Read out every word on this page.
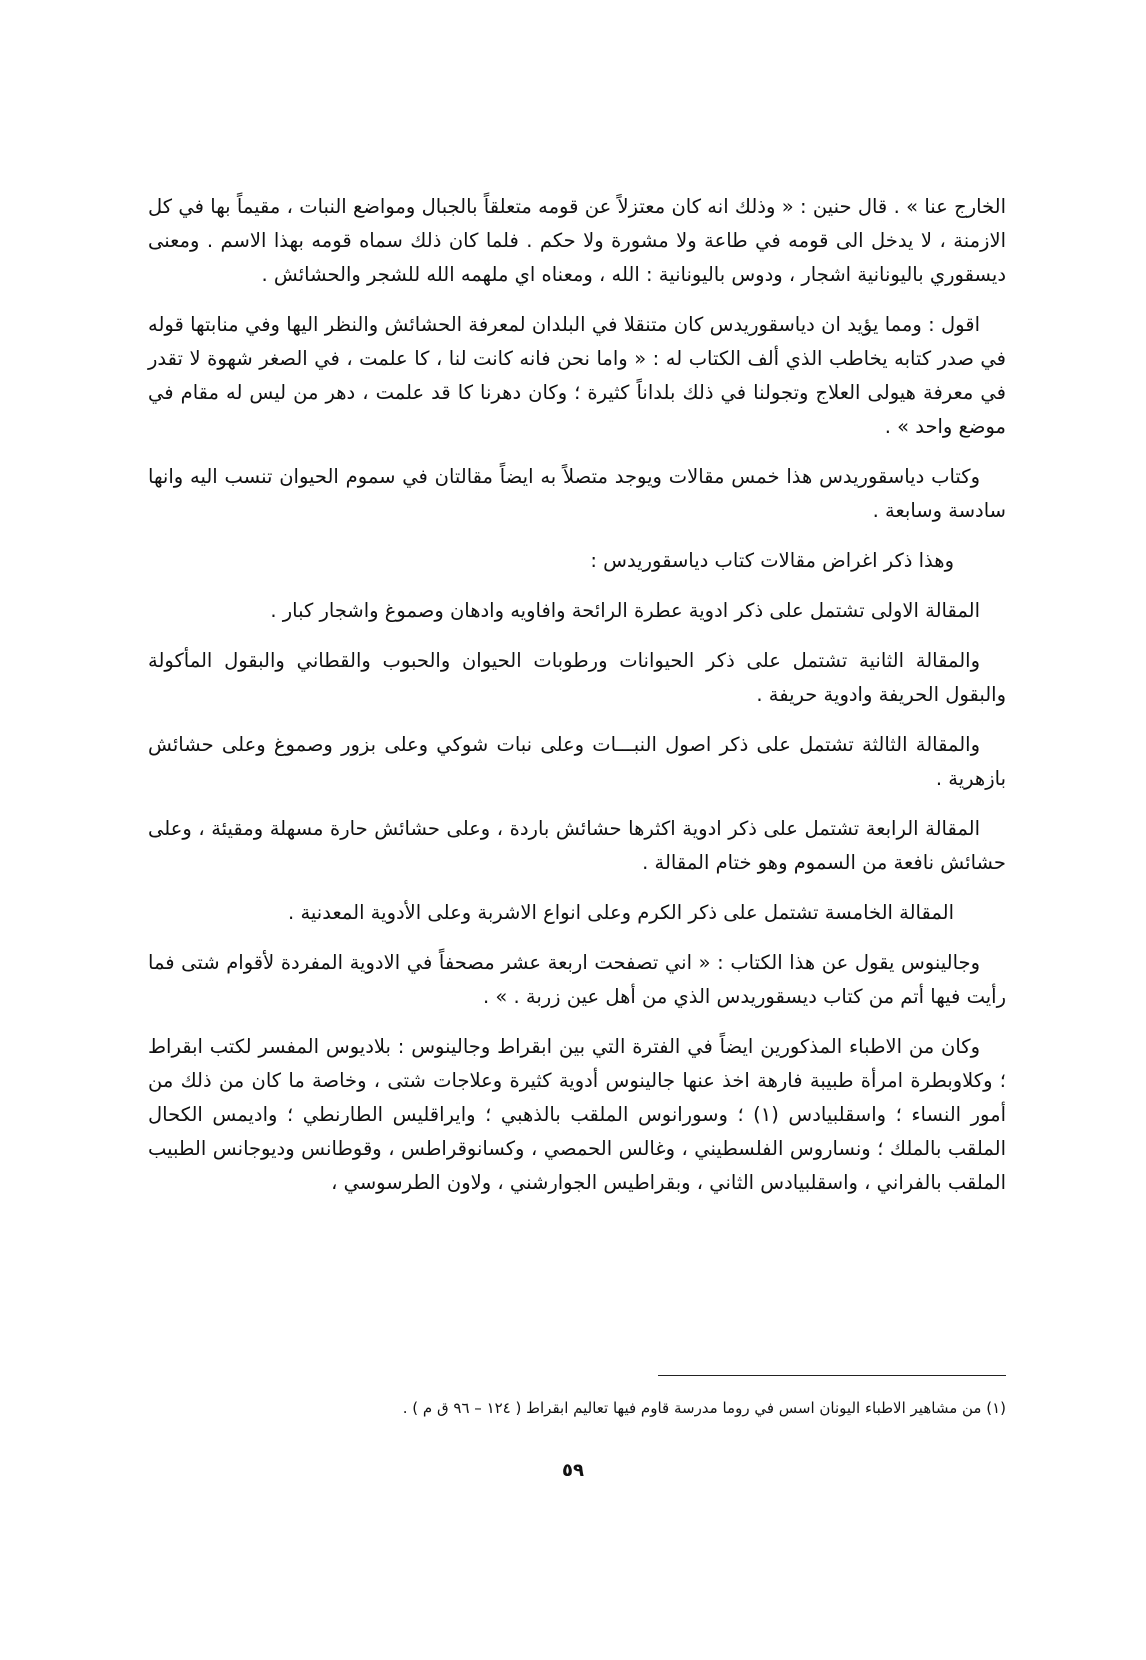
الخارج عنا » . قال حنين : « وذلك انه كان معتزلاً عن قومه متعلقاً بالجبال ومواضع النبات ، مقيماً بها في كل الازمنة ، لا يدخل الى قومه في طاعة ولا مشورة ولا حكم . فلما كان ذلك سماه قومه بهذا الاسم . ومعنى ديسقوري باليونانية اشجار ، ودوس باليونانية : الله ، ومعناه اي ملهمه الله للشجر والحشائش .

اقول : ومما يؤيد ان دياسقوريدس كان متنقلا في البلدان لمعرفة الحشائش والنظر اليها وفي منابتها قوله في صدر كتابه يخاطب الذي ألف الكتاب له : « واما نحن فانه كانت لنا ، كا علمت ، في الصغر شهوة لا تقدر في معرفة هيولى العلاج وتجولنا في ذلك بلداناً كثيرة ؛ وكان دهرنا كا قد علمت ، دهر من ليس له مقام في موضع واحد » .

وكتاب دياسقوريدس هذا خمس مقالات ويوجد متصلاً به ايضاً مقالتان في سموم الحيوان تنسب اليه وانها سادسة وسابعة .

وهذا ذكر اغراض مقالات كتاب دياسقوريدس :

المقالة الاولى تشتمل على ذكر ادوية عطرة الرائحة وافاويه وادهان وصموغ واشجار كبار .

والمقالة الثانية تشتمل على ذكر الحيوانات ورطوبات الحيوان والحبوب والقطاني والبقول المأكولة والبقول الحريفة وادوية حريفة .

والمقالة الثالثة تشتمل على ذكر اصول النبـــات وعلى نبات شوكي وعلى بزور وصموغ وعلى حشائش بازهرية .

المقالة الرابعة تشتمل على ذكر ادوية اكثرها حشائش باردة ، وعلى حشائش حارة مسهلة ومقيئة ، وعلى حشائش نافعة من السموم وهو ختام المقالة .

المقالة الخامسة تشتمل على ذكر الكرم وعلى انواع الاشربة وعلى الأدوية المعدنية .

وجالينوس يقول عن هذا الكتاب : « اني تصفحت اربعة عشر مصحفاً في الادوية المفردة لأقوام شتى فما رأيت فيها أتم من كتاب ديسقوريدس الذي من أهل عين زربة . » .

وكان من الاطباء المذكورين ايضاً في الفترة التي بين ابقراط وجالينوس : بلاديوس المفسر لكتب ابقراط ؛ وكلاوبطرة امرأة طبيبة فارهة اخذ عنها جالينوس أدوية كثيرة وعلاجات شتى ، وخاصة ما كان من ذلك من أمور النساء ؛ واسقلبيادس (١) ؛ وسورانوس الملقب بالذهبي ؛ وايراقليس الطارنطي ؛ واديمس الكحال الملقب بالملك ؛ ونساروس الفلسطيني ، وغالس الحمصي ، وكسانوقراطس ، وقوطانس وديوجانس الطبيب الملقب بالفراني ، واسقلبيادس الثاني ، وبقراطيس الجوارشني ، ولاون الطرسوسي ،

(١) من مشاهير الاطباء اليونان اسس في روما مدرسة قاوم فيها تعاليم ابقراط ( ١٢٤ – ٩٦ ق م ) .
٥٩
